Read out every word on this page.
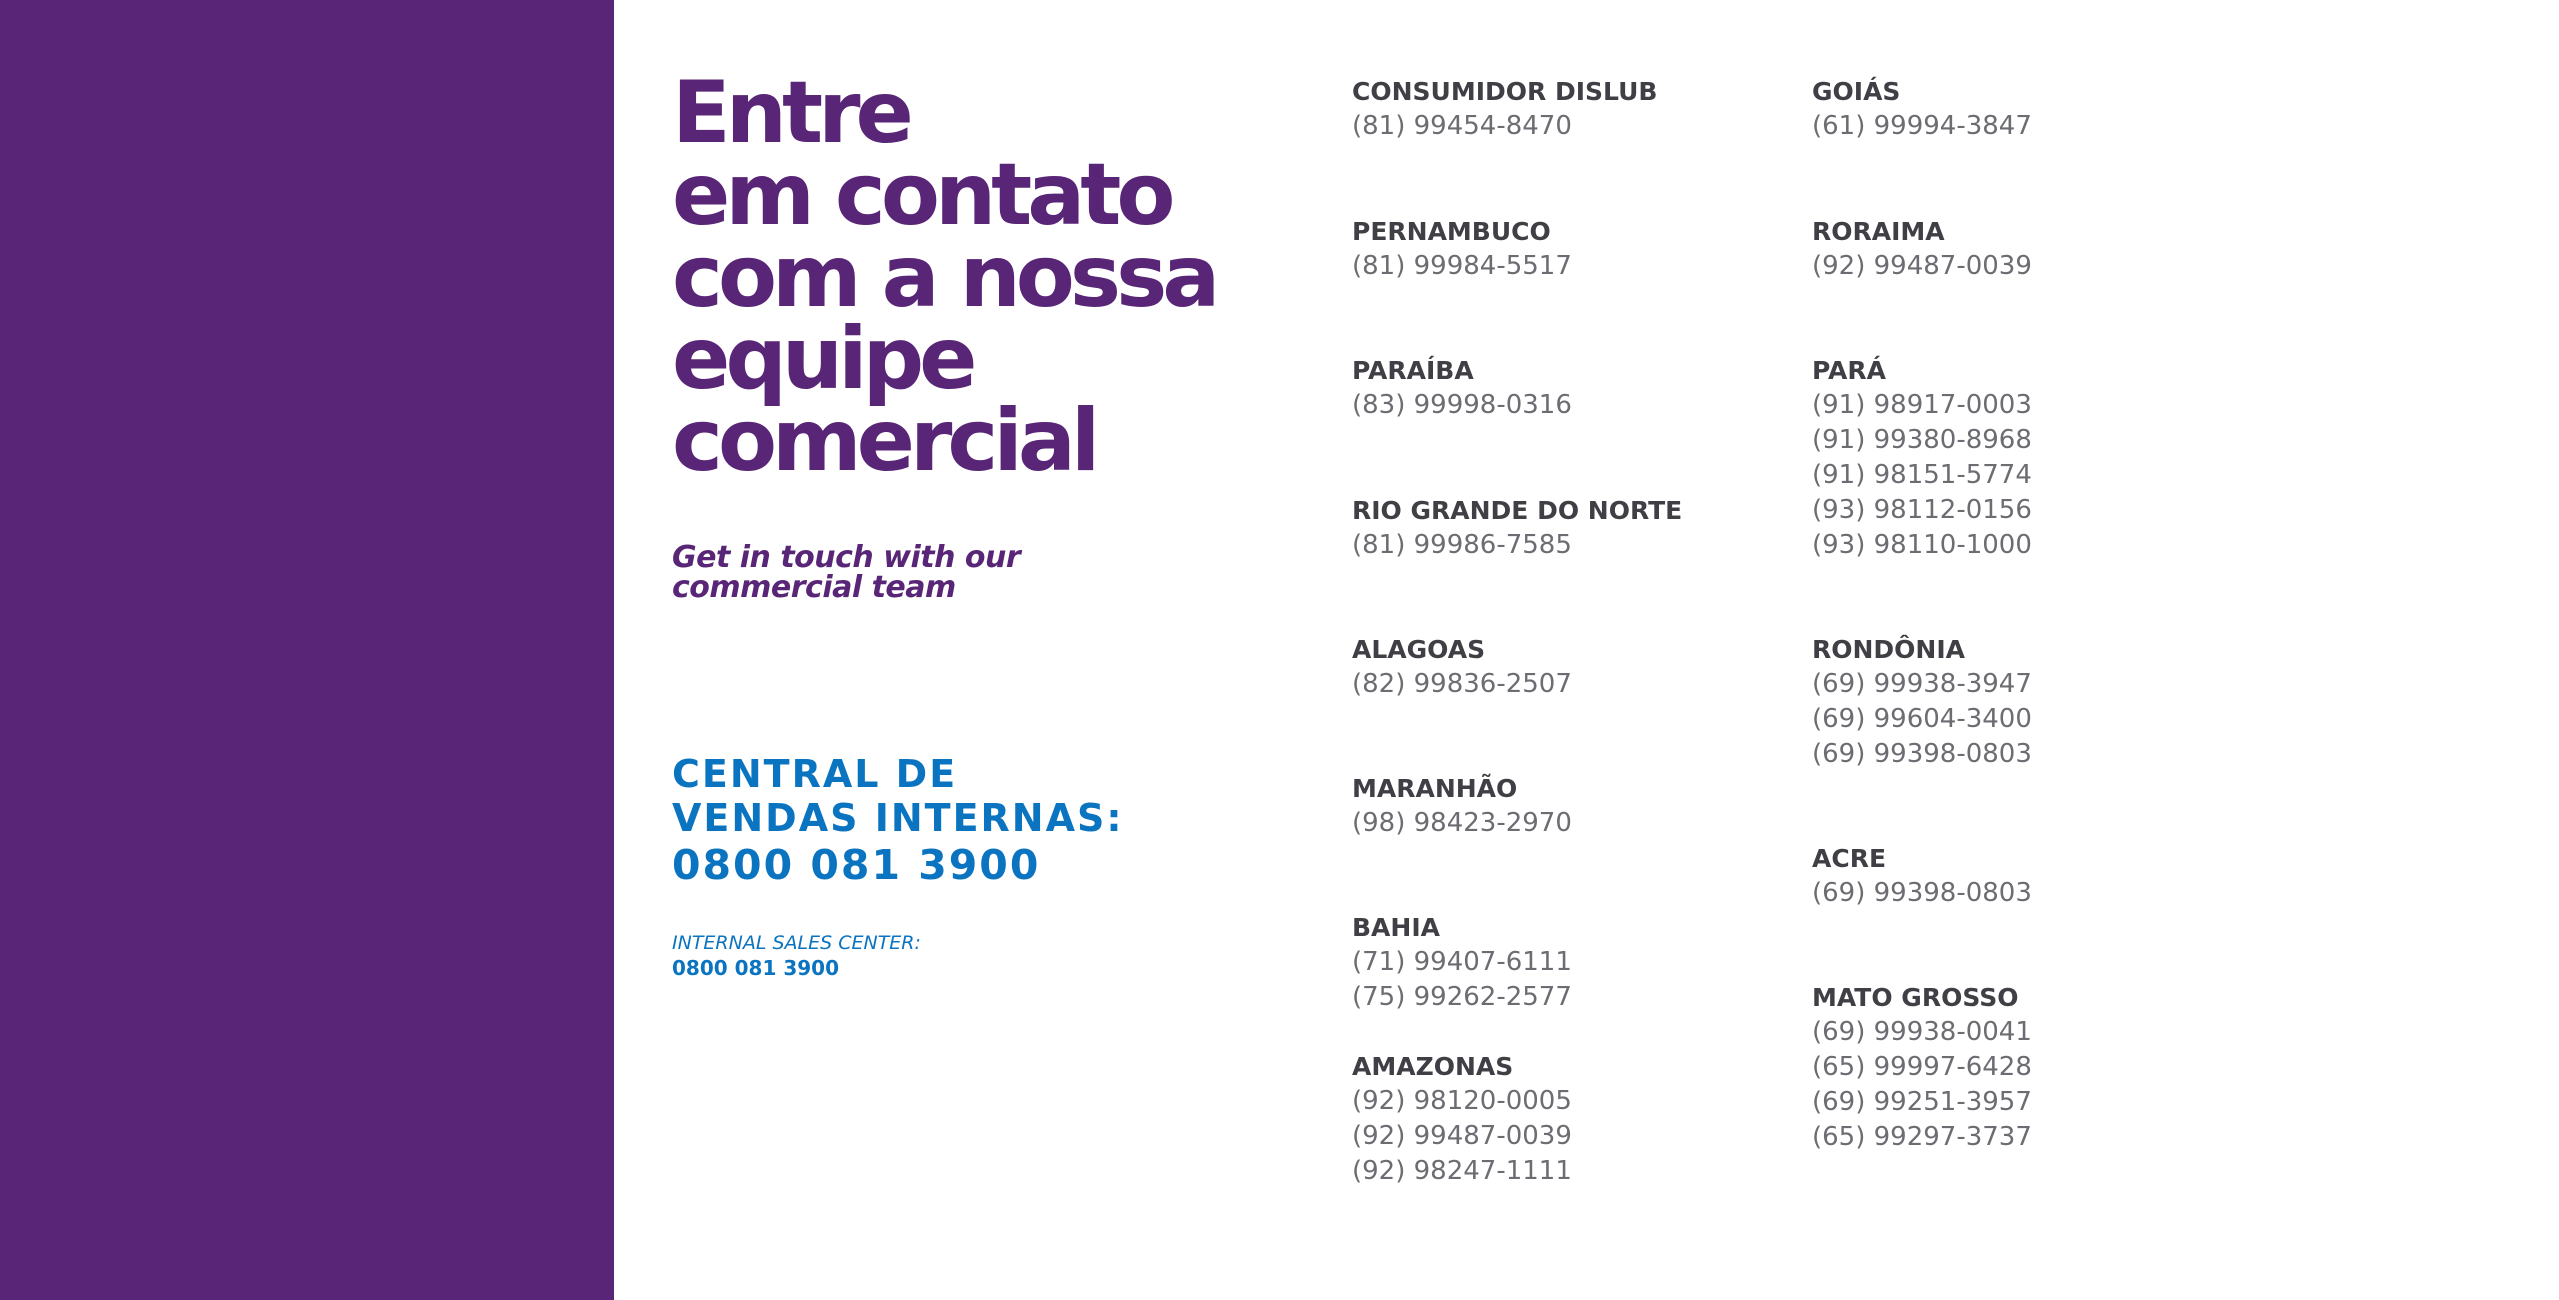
Entre
em contato
com a nossa
equipe
comercial
Get in touch with our
commercial team
CENTRAL DE
VENDAS INTERNAS:
0800 081 3900
INTERNAL SALES CENTER:
0800 081 3900
CONSUMIDOR DISLUB
(81) 99454-8470
PERNAMBUCO
(81) 99984-5517
PARAÍBA
(83) 99998-0316
RIO GRANDE DO NORTE
(81) 99986-7585
ALAGOAS
(82) 99836-2507
MARANHÃO
(98) 98423-2970
BAHIA
(71) 99407-6111
(75) 99262-2577
AMAZONAS
(92) 98120-0005
(92) 99487-0039
(92) 98247-1111
GOIÁS
(61) 99994-3847
RORAIMA
(92) 99487-0039
PARÁ
(91) 98917-0003
(91) 99380-8968
(91) 98151-5774
(93) 98112-0156
(93) 98110-1000
RONDÔNIA
(69) 99938-3947
(69) 99604-3400
(69) 99398-0803
ACRE
(69) 99398-0803
MATO GROSSO
(69) 99938-0041
(65) 99997-6428
(69) 99251-3957
(65) 99297-3737
